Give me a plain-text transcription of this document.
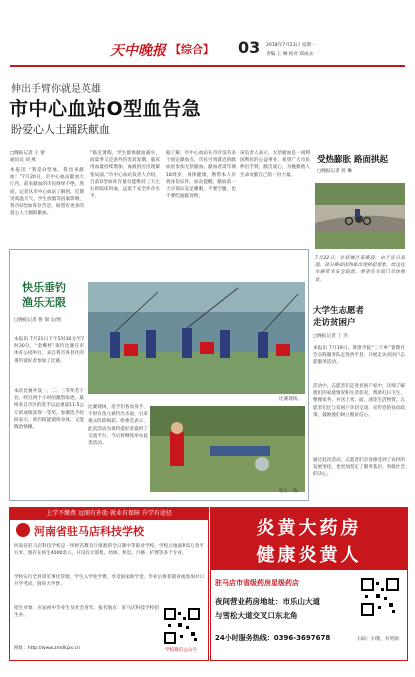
天中晚报 【综合】 03 2018年7月23日 星期一
责编 王 琳 校对 郑成永
伸出手臂你就是英雄
市中心血站O型血告急
盼爱心人士踊跃献血
□晚报记者 王 蕾
通讯员 刘 燕
本报讯 “我是O型血，我也来献血！”7月20日，市中心血站献血大厅内，前来献血的市民络绎不绝。然而，记者从市中心血站了解到，近期受高温天气、学生放假等因素影响，我市O型血库存告急，盼望有更多的爱心人士踊跃献血。
“临近暑假，学生群体献血减少，而夏季又是意外伤害高发期，临床用血量持续增加，血液供应出现紧张局面。”市中心血站负责人介绍，目前O型血库存量仅能维持三天左右的临床用血，远低于安全库存水平。
据了解，市中心血站在市区设有多个固定献血点，市民可到就近的献血屋参加无偿献血。献血者需年满18周岁，身体健康，携带本人有效身份证件。血站提醒，献血前一天应保证充足睡眠，不要空腹，也不要吃油腻食物。
该负责人表示，无偿献血是一项利国利民的公益事业，希望广大市民伸出手臂，献出爱心，为挽救他人生命贡献自己的一份力量。
受热膨胀 路面拱起
□晚报记者 蒋 琳
7月22日，在驿城区某路段，由于连日高温，部分路面因热胀出现拱起现象，给过往车辆带来安全隐患。希望有关部门尽快修复。
快乐垂钓
渔乐无限
□晚报记者 鲁 瑞 文/图
本报讯 7月21日下午5时30分至7时30分，“金鹰杯”垂钓比赛在市体育公园举行，来自我市各县区的垂钓爱好者参加了比赛。
本次比赛共设一、二、三等奖若干名。经过两个小时的激烈角逐，最终来自市区的选手以总重量11.5公斤的成绩获得一等奖。参赛选手纷纷表示，垂钓既能锻炼身体，又能陶冶情操。
比赛现场。
比赛现场，选手们各显身手，不时有鱼儿被钓出水面，引来观众阵阵喝彩。组委会表示，此次活动为垂钓爱好者提供了交流平台，今后将继续举办此类活动。
钓上一条。
大学生志愿者
走访贫困户
□晚报记者 丁 杰
本报讯 7月19日，黄淮学院“三下乡”暑期社会实践服务队走进西平县，开展走访贫困户志愿服务活动。
活动中，志愿者们走进贫困户家中，详细了解他们的家庭情况和生活状况，帮助打扫卫生、整理家务，并送上米、面、油等生活物资。志愿者们还与贫困户亲切交谈，宣传党的扶贫政策，鼓励他们树立脱贫信心。
通过此次活动，志愿者们亲身感受到了农村的发展变化，也更加坚定了服务基层、奉献社会的决心。
上学不缴费 远图有补助 就业有保障 升学有途径
河南省驻马店科技学校
河南省驻马店科技学校是一所经省教育厅批准的全日制中等职业学校，学校占地面积5万余平方米，现有在校生4000余人，开设有计算机、幼师、机电、汽修、护理等多个专业。
学校实行全封闭军事化管理，学生入学免学费，享受国家助学金，毕业后推荐就业或参加对口升学考试，圆你大学梦。
招生对象：应届初中毕业生及社会青年。报名地点：驻马店科技学校招生办。
网址：http://www.zmdkjzx.cn	学校微信公众号
炎黄大药房
健康炎黄人
驻马店市省级药房星级药店
夜间营业药房地址：市乐山大道
与雪松大道交叉口东北角
24小时服务热线：0396-3697678	扫码：扫我，有奖励
